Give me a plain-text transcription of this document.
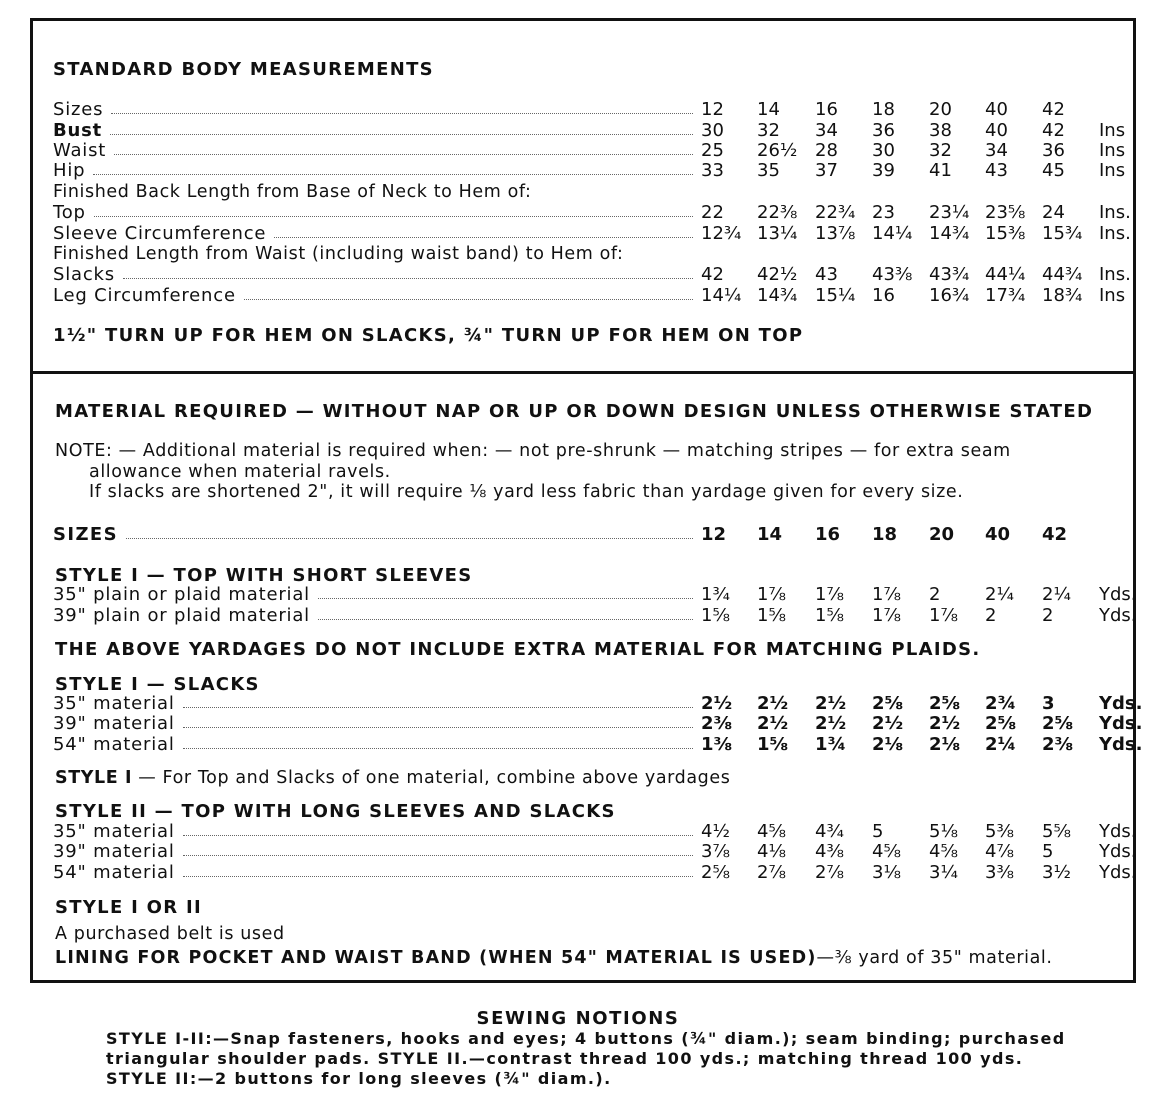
STANDARD BODY MEASUREMENTS
Sizes	12 14 16 18 20 40 42
Bust	30 32 34 36 38 40 42 Ins
Waist	25 26½ 28 30 32 34 36 Ins
Hip	33 35 37 39 41 43 45 Ins
Top	22 22⅜ 22¾ 23 23¼ 23⅝ 24 Ins.
Sleeve Circumference	12¾ 13¼ 13⅞ 14¼ 14¾ 15⅜ 15¾ Ins.
Slacks	42 42½ 43 43⅜ 43¾ 44¼ 44¾ Ins.
Leg Circumference	14¼ 14¾ 15¼ 16 16¾ 17¾ 18¾ Ins
Finished Back Length from Base of Neck to Hem of:
Finished Length from Waist (including waist band) to Hem of:
1½" TURN UP FOR HEM ON SLACKS, ¾" TURN UP FOR HEM ON TOP
MATERIAL REQUIRED — WITHOUT NAP OR UP OR DOWN DESIGN UNLESS OTHERWISE STATED
NOTE: — Additional material is required when: — not pre-shrunk — matching stripes — for extra seam
allowance when material ravels.
If slacks are shortened 2", it will require ⅛ yard less fabric than yardage given for every size.
SIZES	12 14 16 18 20 40 42
STYLE I — TOP WITH SHORT SLEEVES
35" plain or plaid material	1¾ 1⅞ 1⅞ 1⅞ 2 2¼ 2¼ Yds.
39" plain or plaid material	1⅝ 1⅝ 1⅝ 1⅞ 1⅞ 2	2	Yds.
THE ABOVE YARDAGES DO NOT INCLUDE EXTRA MATERIAL FOR MATCHING PLAIDS.
STYLE I — SLACKS
35" material	2½ 2½ 2½ 2⅝ 2⅝ 2¾ 3 Yds.
39" material	2⅜ 2½ 2½ 2½ 2½ 2⅝ 2⅝ Yds.
54" material	1⅜ 1⅝ 1¾ 2⅛ 2⅛ 2¼ 2⅜ Yds.
STYLE I — For Top and Slacks of one material, combine above yardages
STYLE II — TOP WITH LONG SLEEVES AND SLACKS
35" material	4½ 4⅝ 4¾ 5	5⅛ 5⅜ 5⅝ Yds.
39" material	3⅞ 4⅛ 4⅜ 4⅝ 4⅝ 4⅞ 5	Yds.
54" material	2⅝ 2⅞ 2⅞ 3⅛ 3¼ 3⅜ 3½ Yds.
STYLE I OR II
A purchased belt is used
LINING FOR POCKET AND WAIST BAND (WHEN 54" MATERIAL IS USED)—⅜ yard of 35" material.
SEWING NOTIONS
STYLE I-II:—Snap fasteners, hooks and eyes; 4 buttons (¾" diam.); seam binding; purchased
triangular shoulder pads. STYLE II.—contrast thread 100 yds.; matching thread 100 yds.
STYLE II:—2 buttons for long sleeves (¾" diam.).
